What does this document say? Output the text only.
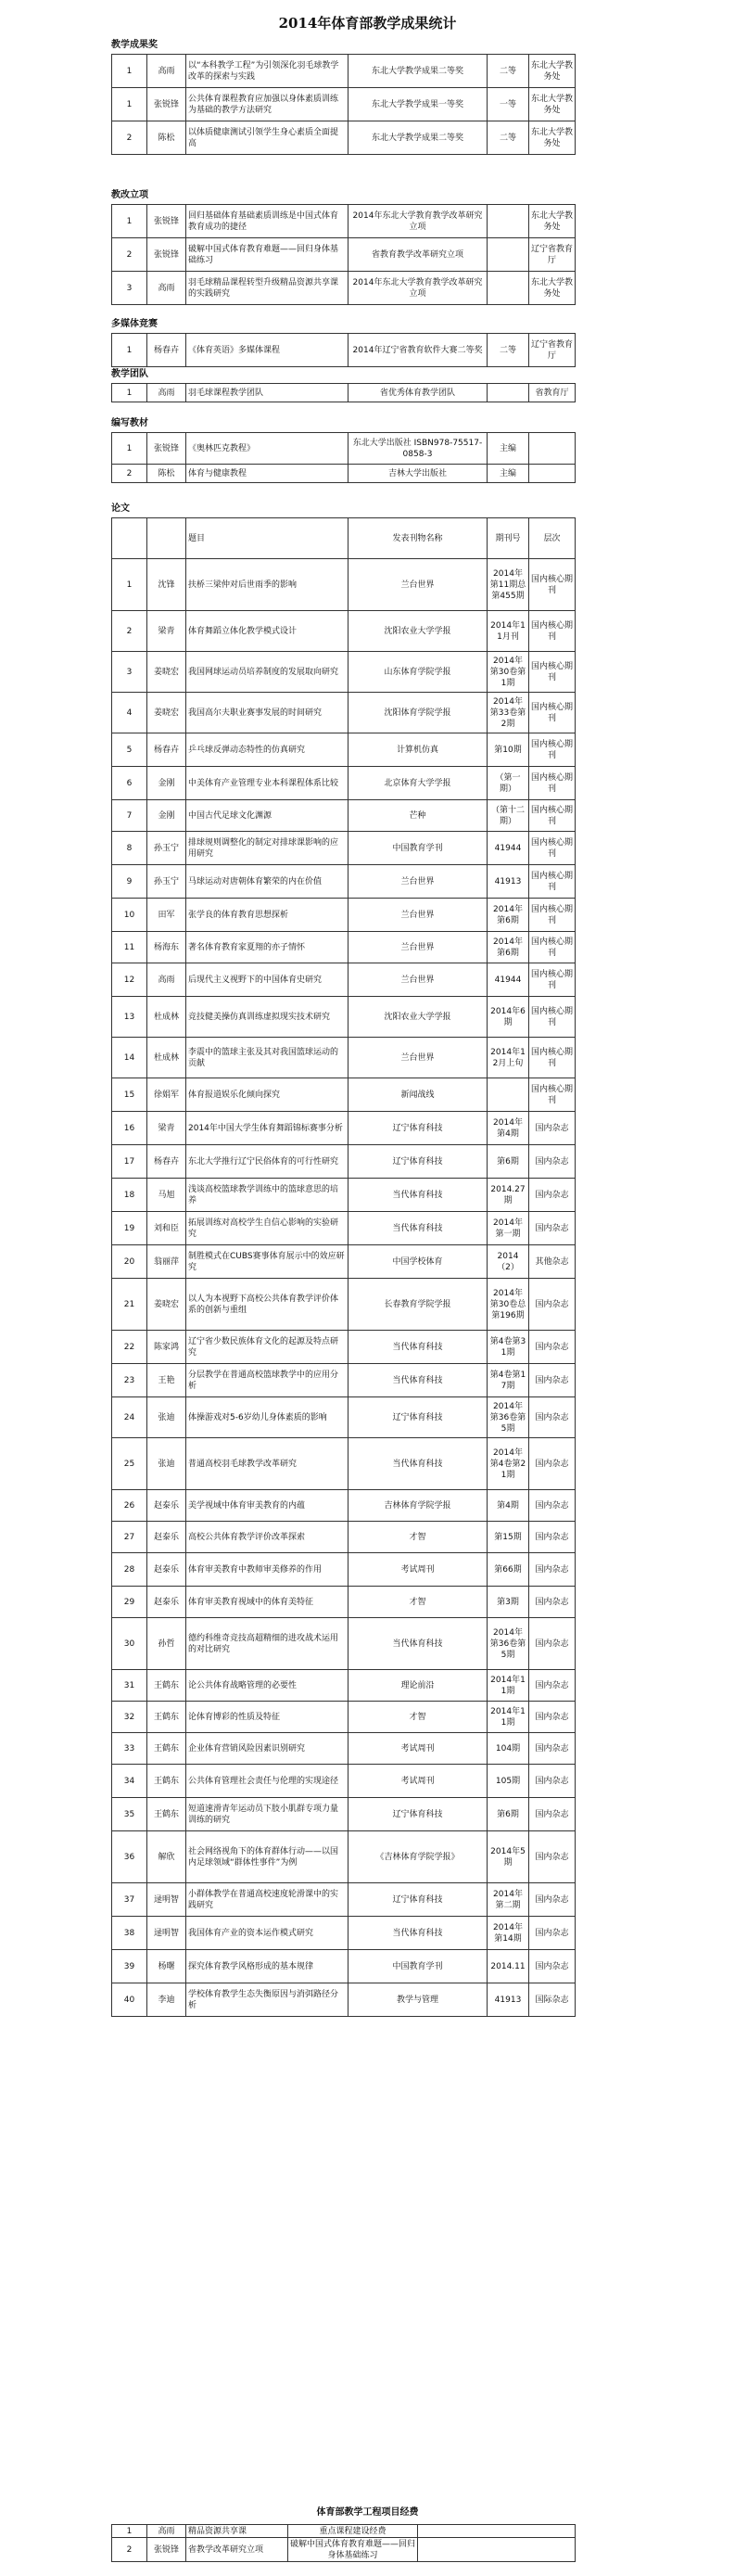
2014年体育部教学成果统计
教学成果奖
1	高雨	以“本科教学工程”为引领深化羽毛球教学改革的探索与实践	东北大学教学成果二等奖	二等	东北大学教务处
1	张锐锋	公共体育课程教育应加强以身体素质训练为基础的教学方法研究	东北大学教学成果一等奖	一等	东北大学教务处
2	陈松	以体质健康测试引领学生身心素质全面提高	东北大学教学成果二等奖	二等	东北大学教务处
教改立项
1	张锐锋	回归基础体育基础素质训练是中国式体育教育成功的捷径	2014年东北大学教育教学改革研究立项		东北大学教务处
2	张锐锋	破解中国式体育教育难题——回归身体基础练习	省教育教学改革研究立项		辽宁省教育厅
3	高雨	羽毛球精品课程转型升级精品资源共享课的实践研究	2014年东北大学教育教学改革研究立项		东北大学教务处
多媒体竞赛
1	杨春卉	《体育英语》多媒体课程	2014年辽宁省教育软件大赛二等奖	二等	辽宁省教育厅
教学团队
1	高雨	羽毛球课程教学团队	省优秀体育教学团队		省教育厅
编写教材
1	张锐锋	《奥林匹克教程》	东北大学出版社 ISBN978-75517-0858-3	主编	
2	陈松	体育与健康教程	吉林大学出版社	主编	
论文
		题目	发表刊物名称	期刊号	层次
1	沈锋	扶桥三梁仲对后世雨季的影响	兰台世界	2014年第11期总第455期	国内核心期刊
2	梁青	体育舞蹈立体化教学模式设计	沈阳农业大学学报	2014年11月刊	国内核心期刊
3	姜晓宏	我国网球运动员培养制度的发展取向研究	山东体育学院学报	2014年第30卷第1期	国内核心期刊
4	姜晓宏	我国高尔夫职业赛事发展的时间研究	沈阳体育学院学报	2014年第33卷第2期	国内核心期刊
5	杨春卉	乒乓球反弹动态特性的仿真研究	计算机仿真	第10期	国内核心期刊
6	金刚	中美体育产业管理专业本科课程体系比较	北京体育大学学报	（第一期）	国内核心期刊
7	金刚	中国古代足球文化渊源	芒种	（第十二期）	国内核心期刊
8	孙玉宁	排球规则调整化的制定对排球课影响的应用研究	中国教育学刊	41944	国内核心期刊
9	孙玉宁	马球运动对唐朝体育繁荣的内在价值	兰台世界	41913	国内核心期刊
10	田军	张学良的体育教育思想探析	兰台世界	2014年第6期	国内核心期刊
11	杨海东	著名体育教育家夏翔的亦子情怀	兰台世界	2014年第6期	国内核心期刊
12	高雨	后现代主义视野下的中国体育史研究	兰台世界	41944	国内核心期刊
13	杜成林	竞技健美操仿真训练虚拟现实技术研究	沈阳农业大学学报	2014年6期	国内核心期刊
14	杜成林	李震中的篮球主张及其对我国篮球运动的贡献	兰台世界	2014年12月上旬	国内核心期刊
15	徐娟军	体育报道娱乐化倾向探究	新闻战线		国内核心期刊
16	梁青	2014年中国大学生体育舞蹈锦标赛事分析	辽宁体育科技	2014年第4期	国内杂志
17	杨春卉	东北大学推行辽宁民俗体育的可行性研究	辽宁体育科技	第6期	国内杂志
18	马旭	浅谈高校篮球教学训练中的篮球意思的培养	当代体育科技	2014.27期	国内杂志
19	刘和臣	拓展训练对高校学生自信心影响的实验研究	当代体育科技	2014年第一期	国内杂志
20	翁丽萍	制胜模式在CUBS赛事体育展示中的效应研究	中国学校体育	2014（2）	其他杂志
21	姜晓宏	以人为本视野下高校公共体育教学评价体系的创新与重组	长春教育学院学报	2014年第30卷总第196期	国内杂志
22	陈家鸿	辽宁省少数民族体育文化的起源及特点研究	当代体育科技	第4卷第31期	国内杂志
23	王艳	分层教学在普通高校篮球教学中的应用分析	当代体育科技	第4卷第17期	国内杂志
24	张迪	体操游戏对5-6岁幼儿身体素质的影响	辽宁体育科技	2014年第36卷第5期	国内杂志
25	张迪	普通高校羽毛球教学改革研究	当代体育科技	2014年第4卷第21期	国内杂志
26	赵泰乐	美学视域中体育审美教育的内蕴	吉林体育学院学报	第4期	国内杂志
27	赵泰乐	高校公共体育教学评价改革探索	才智	第15期	国内杂志
28	赵泰乐	体育审美教育中教师审美修养的作用	考试周刊	第66期	国内杂志
29	赵泰乐	体育审美教育视域中的体育美特征	才智	第3期	国内杂志
30	孙哲	德约科维奇竞技高超精细的进攻战术运用的对比研究	当代体育科技	2014年第36卷第5期	国内杂志
31	王鹤东	论公共体育战略管理的必要性	理论前沿	2014年11期	国内杂志
32	王鹤东	论体育博彩的性质及特征	才智	2014年11期	国内杂志
33	王鹤东	企业体育营销风险因素识别研究	考试周刊	104期	国内杂志
34	王鹤东	公共体育管理社会责任与伦理的实现途径	考试周刊	105期	国内杂志
35	王鹤东	短道速滑青年运动员下肢小肌群专项力量训练的研究	辽宁体育科技	第6期	国内杂志
36	解欣	社会网络视角下的体育群体行动——以国内足球领域“群体性事件”为例	《吉林体育学院学报》	2014年5期	国内杂志
37	逯明智	小群体教学在普通高校速度轮滑课中的实践研究	辽宁体育科技	2014年第二期	国内杂志
38	逯明智	我国体育产业的资本运作模式研究	当代体育科技	2014年第14期	国内杂志
39	杨曙	探究体育教学风格形成的基本规律	中国教育学刊	2014.11	国内杂志
40	李迪	学校体育教学生态失衡原因与消弭路径分析	教学与管理	41913	国际杂志
体育部教学工程项目经费
1	高雨	精品资源共享课	重点课程建设经费	
2	张锐锋	省教学改革研究立项	破解中国式体育教育难题——回归身体基础练习	
